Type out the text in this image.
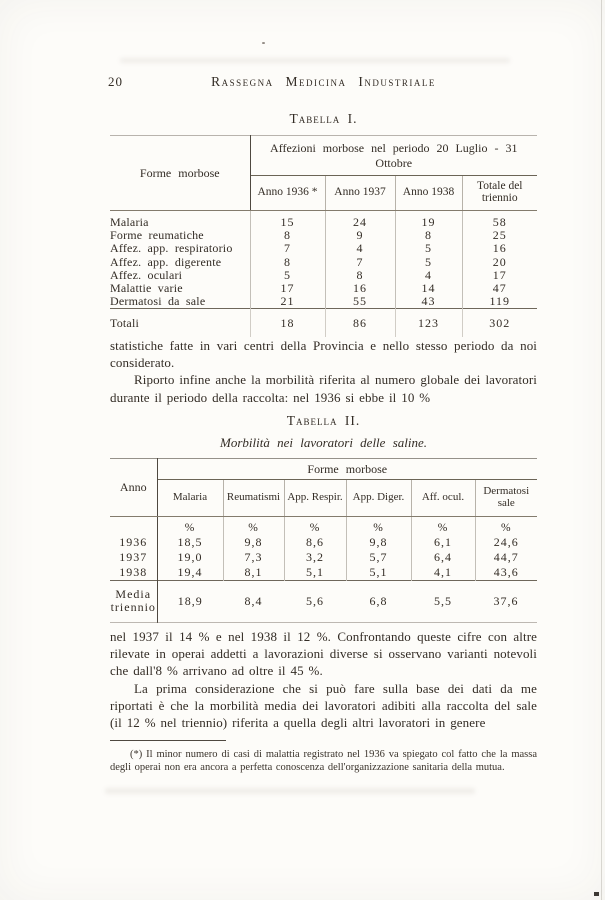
20	Rassegna Medicina Industriale
Tabella I.
Forme morbose	Affezioni morbose nel periodo 20 Luglio - 31 Ottobre			
	Anno 1936 *	Anno 1937	Anno 1938	Totale del triennio
Malaria	15	24	19	58
Forme reumatiche	8	9	8	25
Affez. app. respiratorio	7	4	5	16
Affez. app. digerente	8	7	5	20
Affez. oculari	5	8	4	17
Malattie varie	17	16	14	47
Dermatosi da sale	21	55	43	119
Totali	18	86	123	302

statistiche fatte in vari centri della Provincia e nello stesso periodo da noi considerato.

Riporto infine anche la morbilità riferita al numero globale dei lavoratori durante il periodo della raccolta: nel 1936 si ebbe il 10 %

Tabella II.
Morbilità nei lavoratori delle saline.
Anno	Forme morbose					
	Malaria	Reumatismi	App. Respir.	App. Diger.	Aff. ocul.	Dermatosi sale
	%	%	%	%	%	%
1936	18,5	9,8	8,6	9,8	6,1	24,6
1937	19,0	7,3	3,2	5,7	6,4	44,7
1938	19,4	8,1	5,1	5,1	4,1	43,6
Media triennio	18,9	8,4	5,6	6,8	5,5	37,6

nel 1937 il 14 % e nel 1938 il 12 %. Confrontando queste cifre con altre rilevate in operai addetti a lavorazioni diverse si osservano varianti notevoli che dall'8 % arrivano ad oltre il 45 %.

La prima considerazione che si può fare sulla base dei dati da me riportati è che la morbilità media dei lavoratori adibiti alla raccolta del sale (il 12 % nel triennio) riferita a quella degli altri lavoratori in genere

(*) Il minor numero di casi di malattia registrato nel 1936 va spiegato col fatto che la massa degli operai non era ancora a perfetta conoscenza dell'organizzazione sanitaria della mutua.
